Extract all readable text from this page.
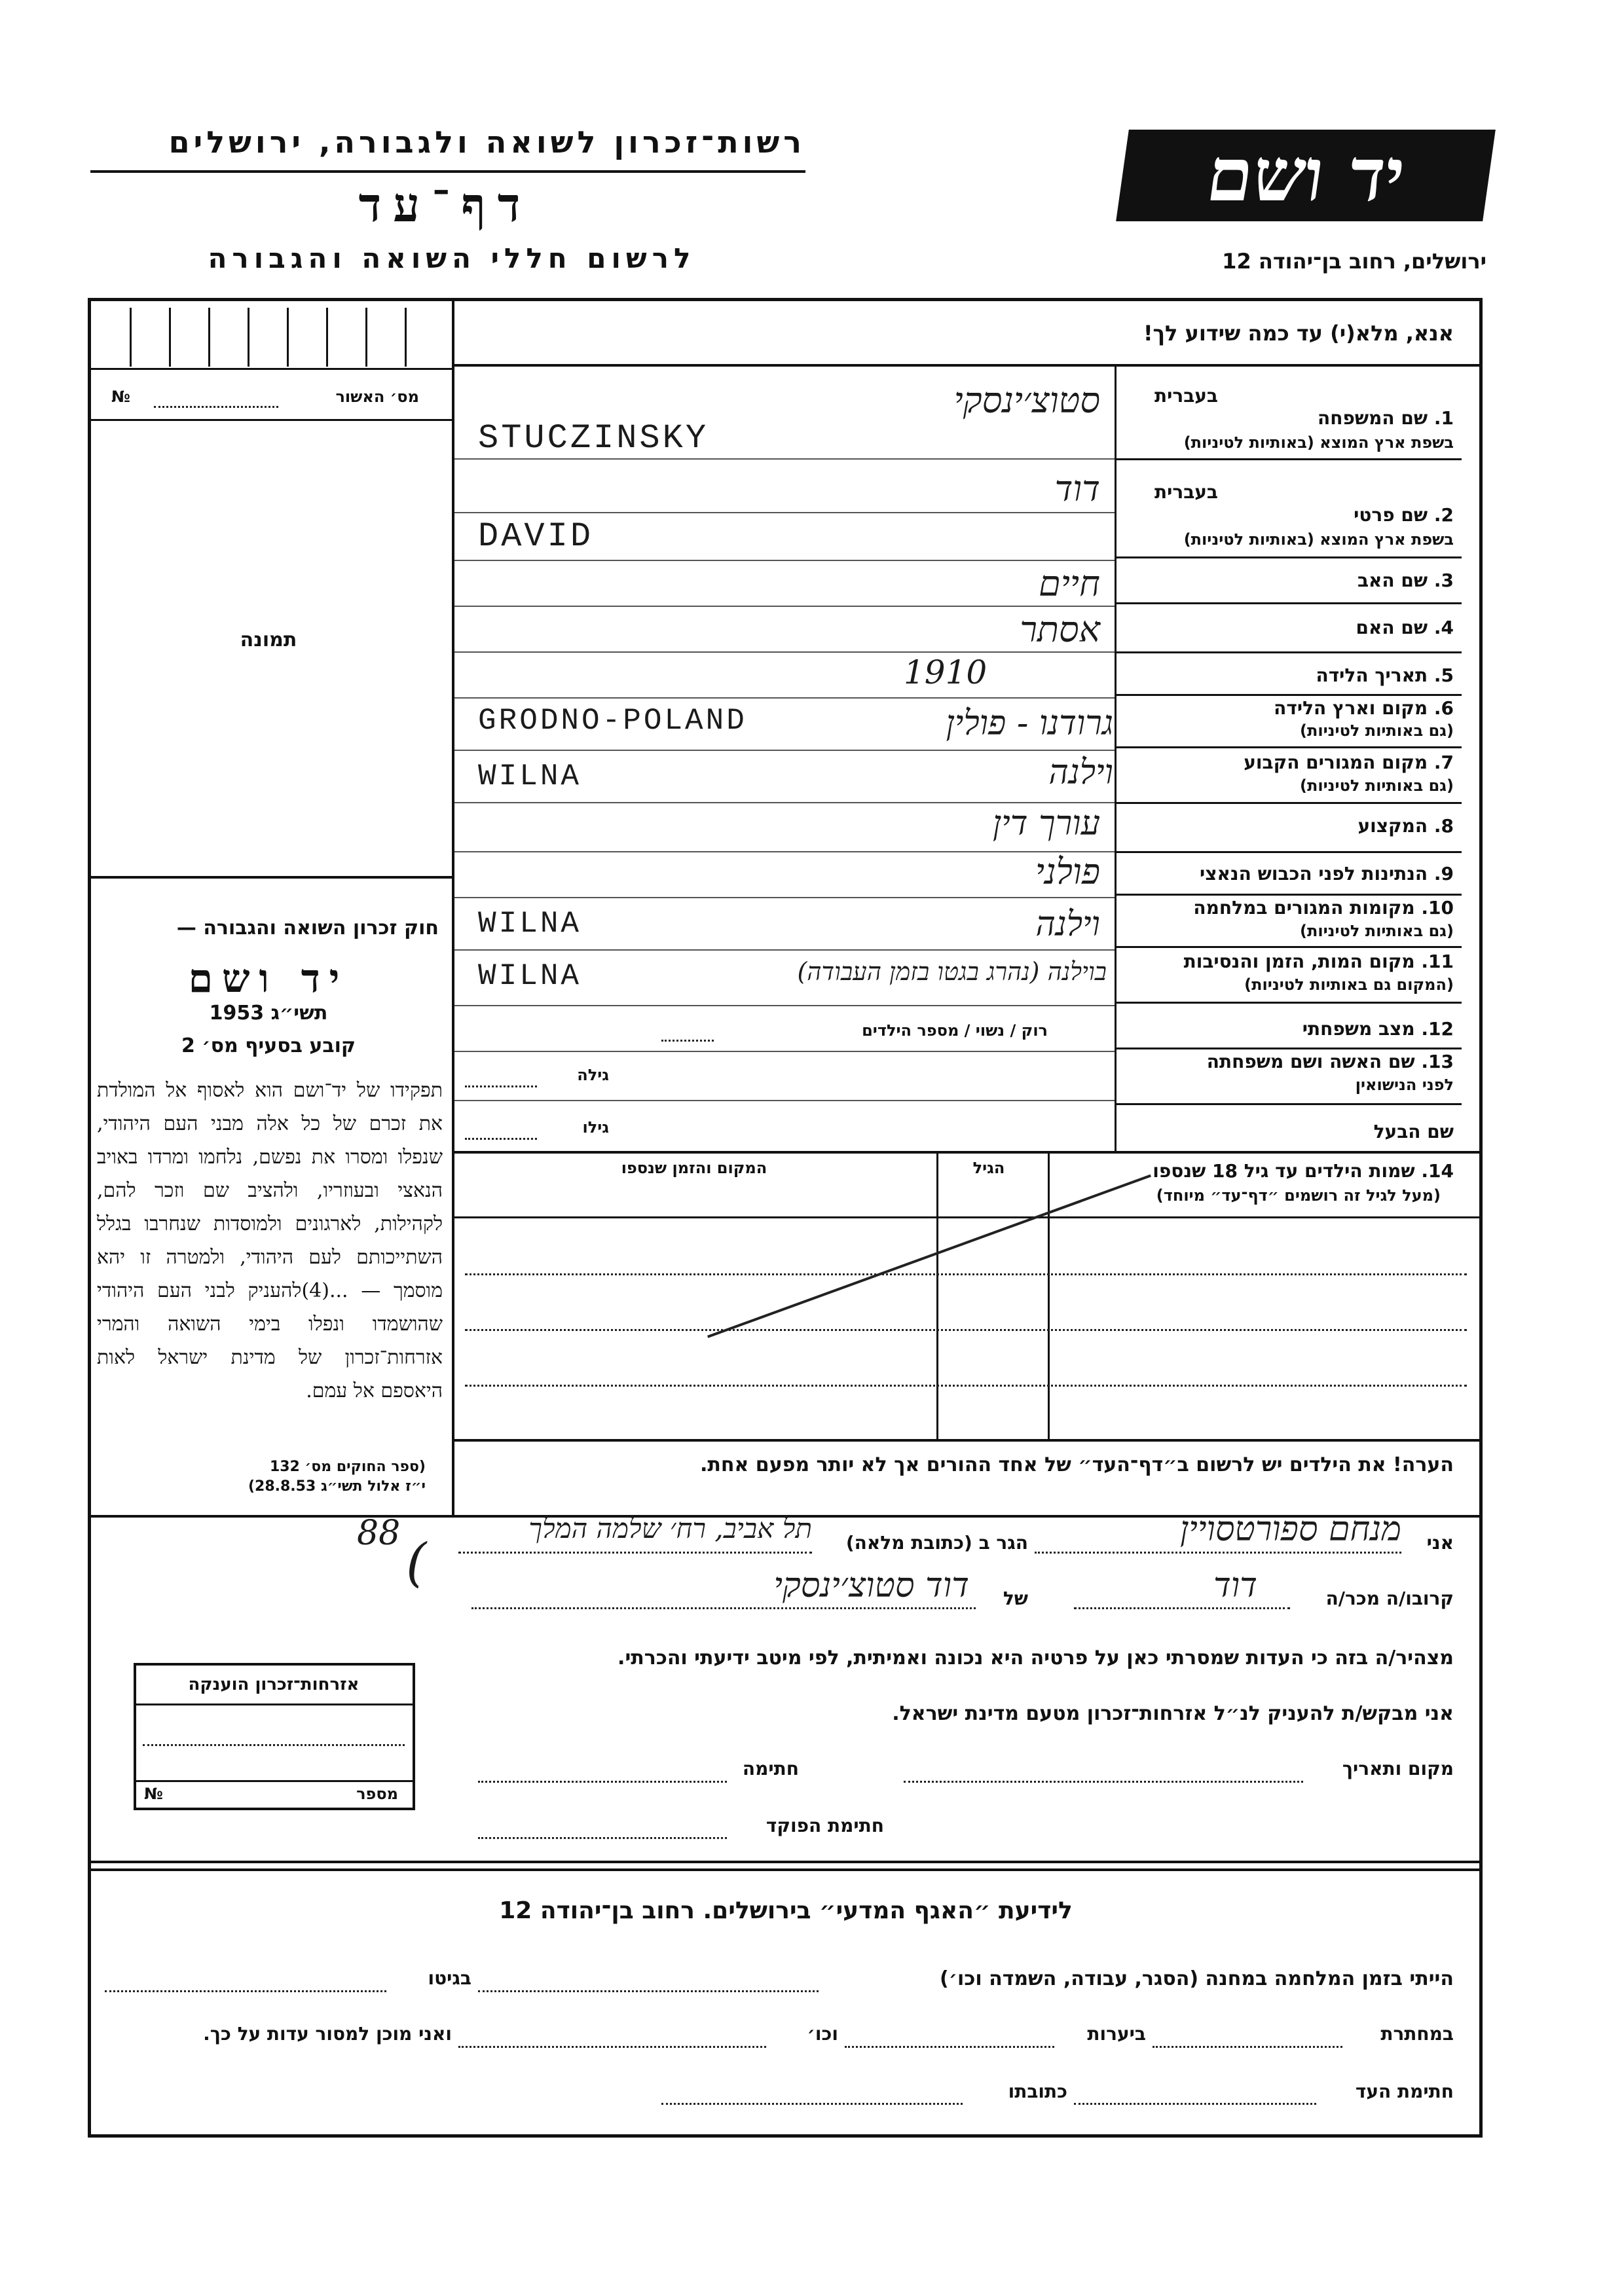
יד ושם
רשות־זכרון לשואה ולגבורה, ירושלים
דף־עד
לרשום חללי השואה והגבורה	ירושלים, רחוב בן־יהודה 12
אנא, מלא(י) עד כמה שידוע לך!
מס׳ האשור
№
תמונה
חוק זכרון השואה והגבורה —
יד ושם
תשי״ג 1953
קובע בסעיף מס׳ 2
תפקידו של יד־ושם הוא לאסוף אל המולדת את זכרם של כל אלה מבני העם היהודי, שנפלו ומסרו את נפשם, נלחמו ומרדו באויב הנאצי ובעוזריו, ולהציב שם וזכר להם, לקהילות, לארגונים ולמוסדות שנחרבו בגלל השתייכותם לעם היהודי, ולמטרה זו יהא מוסמך — ...(4)להעניק לבני העם היהודי שהושמדו ונפלו בימי השואה והמרי אזרחות־זכרון של מדינת ישראל לאות היאספם אל עמם.
(ספר החוקים מס׳ 132
י״ז אלול תשי״ג 28.8.53)
בעברית
1. שם המשפחה
בשפת ארץ המוצא (באותיות לטיניות)
סטוצ׳ינסקי
STUCZINSKY
בעברית
2. שם פרטי
בשפת ארץ המוצא (באותיות לטיניות)
דוד
DAVID
3. שם האב
חיים
4. שם האם
אסתר
5. תאריך הלידה
1910
6. מקום וארץ הלידה
(גם באותיות לטיניות)
GRODNO-POLAND	גרודנו - פולין
7. מקום המגורים הקבוע
(גם באותיות לטיניות)
WILNA	וילנה
8. המקצוע
עורך דין
9. הנתינות לפני הכבוש הנאצי
פולני
10. מקומות המגורים במלחמה
(גם באותיות לטיניות)
WILNA	וילנה
11. מקום המות, הזמן והנסיבות
(המקום גם באותיות לטיניות)
WILNA	בוילנה (נהרג בגטו בזמן העבודה)
12. מצב משפחתי
רוק / נשוי / מספר הילדים
13. שם האשה ושם משפחתה
לפני הנישואין
גילה
שם הבעל
גילו
14. שמות הילדים עד גיל 18 שנספו
(מעל לגיל זה רושמים ״דף־עד״ מיוחד)
הגיל
המקום והזמן שנספו
הערה! את הילדים יש לרשום ב״דף־העד״ של אחד ההורים אך לא יותר מפעם אחת.
אני
מנחם ספורטסויין
הגר ב (כתובת מלאה)
תל אביב, רח׳ שלמה המלך
88 (
קרובו/ה מכר/ה
דוד
של
דוד סטוצ׳ינסקי
מצהיר/ה בזה כי העדות שמסרתי כאן על פרטיה היא נכונה ואמיתית, לפי מיטב ידיעתי והכרתי.
אני מבקש/ת להעניק לנ״ל אזרחות־זכרון מטעם מדינת ישראל.
מקום ותאריך
חתימה
חתימת הפוקד
אזרחות־זכרון הוענקה
מספר
№
לידיעת ״האגף המדעי״ בירושלים. רחוב בן־יהודה 12
הייתי בזמן המלחמה במחנה (הסגר, עבודה, השמדה וכו׳)
בגיטו
במחתרת
ביערות
וכו׳
ואני מוכן למסור עדות על כך.
חתימת העד
כתובתו
